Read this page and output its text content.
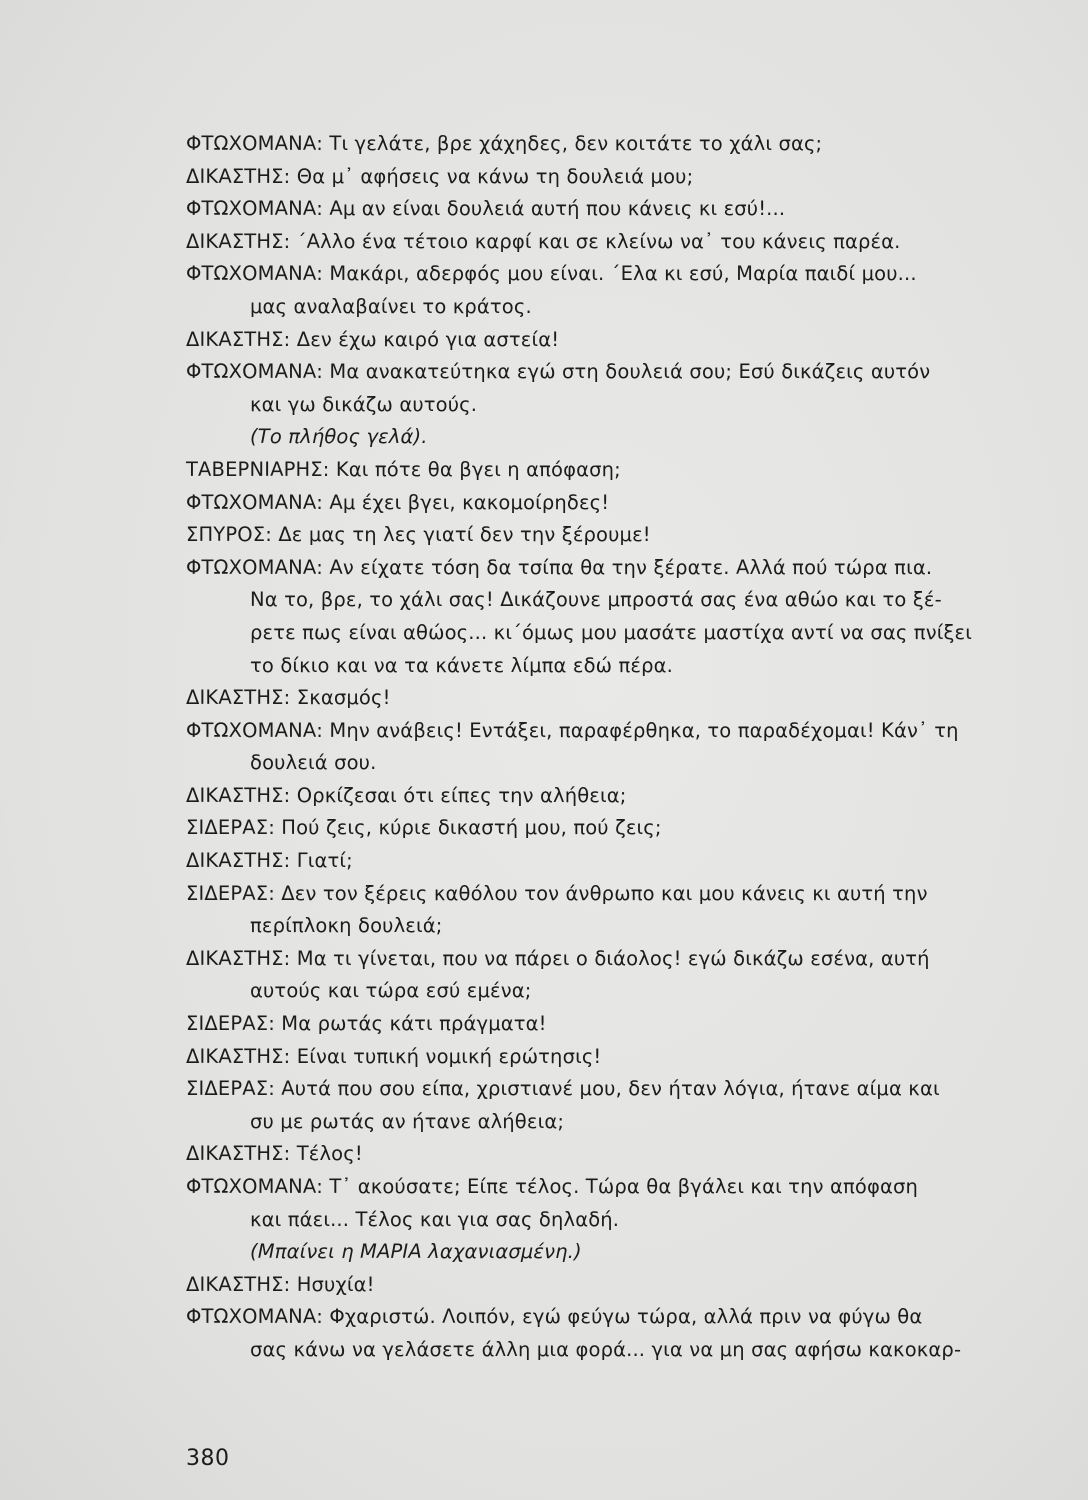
ΦΤΩΧΟΜΑΝΑ: Τι γελάτε, βρε χάχηδες, δεν κοιτάτε το χάλι σας;
ΔΙΚΑΣΤΗΣ: Θα μ᾽ αφήσεις να κάνω τη δουλειά μου;
ΦΤΩΧΟΜΑΝΑ: Αμ αν είναι δουλειά αυτή που κάνεις κι εσύ!...
ΔΙΚΑΣΤΗΣ: ΄Αλλο ένα τέτοιο καρφί και σε κλείνω να᾽ του κάνεις παρέα.
ΦΤΩΧΟΜΑΝΑ: Μακάρι, αδερφός μου είναι. ΄Ελα κι εσύ, Μαρία παιδί μου...
μας αναλαβαίνει το κράτος.
ΔΙΚΑΣΤΗΣ: Δεν έχω καιρό για αστεία!
ΦΤΩΧΟΜΑΝΑ: Μα ανακατεύτηκα εγώ στη δουλειά σου; Εσύ δικάζεις αυτόν
και γω δικάζω αυτούς.
(Το πλήθος γελά).
ΤΑΒΕΡΝΙΑΡΗΣ: Και πότε θα βγει η απόφαση;
ΦΤΩΧΟΜΑΝΑ: Αμ έχει βγει, κακομοίρηδες!
ΣΠΥΡΟΣ: Δε μας τη λες γιατί δεν την ξέρουμε!
ΦΤΩΧΟΜΑΝΑ: Αν είχατε τόση δα τσίπα θα την ξέρατε. Αλλά πού τώρα πια.
Να το, βρε, το χάλι σας! Δικάζουνε μπροστά σας ένα αθώο και το ξέ-
ρετε πως είναι αθώος... κι΄όμως μου μασάτε μαστίχα αντί να σας πνίξει
το δίκιο και να τα κάνετε λίμπα εδώ πέρα.
ΔΙΚΑΣΤΗΣ: Σκασμός!
ΦΤΩΧΟΜΑΝΑ: Μην ανάβεις! Εντάξει, παραφέρθηκα, το παραδέχομαι! Κάν᾽ τη
δουλειά σου.
ΔΙΚΑΣΤΗΣ: Ορκίζεσαι ότι είπες την αλήθεια;
ΣΙΔΕΡΑΣ: Πού ζεις, κύριε δικαστή μου, πού ζεις;
ΔΙΚΑΣΤΗΣ: Γιατί;
ΣΙΔΕΡΑΣ: Δεν τον ξέρεις καθόλου τον άνθρωπο και μου κάνεις κι αυτή την
περίπλοκη δουλειά;
ΔΙΚΑΣΤΗΣ: Μα τι γίνεται, που να πάρει ο διάολος! εγώ δικάζω εσένα, αυτή
αυτούς και τώρα εσύ εμένα;
ΣΙΔΕΡΑΣ: Μα ρωτάς κάτι πράγματα!
ΔΙΚΑΣΤΗΣ: Είναι τυπική νομική ερώτησις!
ΣΙΔΕΡΑΣ: Αυτά που σου είπα, χριστιανέ μου, δεν ήταν λόγια, ήτανε αίμα και
συ με ρωτάς αν ήτανε αλήθεια;
ΔΙΚΑΣΤΗΣ: Τέλος!
ΦΤΩΧΟΜΑΝΑ: Τ᾽ ακούσατε; Είπε τέλος. Τώρα θα βγάλει και την απόφαση
και πάει... Τέλος και για σας δηλαδή.
(Μπαίνει η ΜΑΡΙΑ λαχανιασμένη.)
ΔΙΚΑΣΤΗΣ: Ησυχία!
ΦΤΩΧΟΜΑΝΑ: Φχαριστώ. Λοιπόν, εγώ φεύγω τώρα, αλλά πριν να φύγω θα
σας κάνω να γελάσετε άλλη μια φορά... για να μη σας αφήσω κακοκαρ-
380
